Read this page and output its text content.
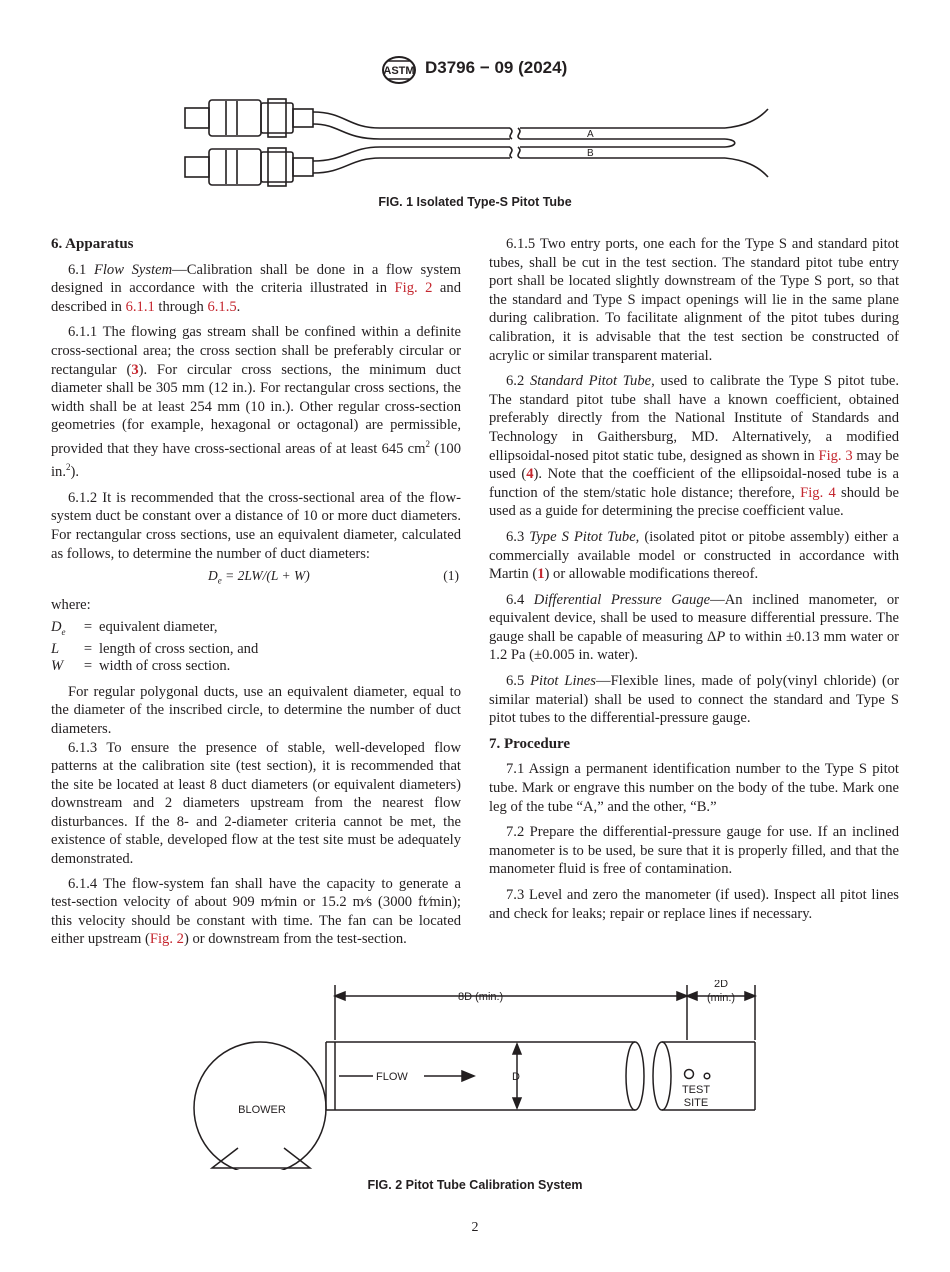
ASTM D3796 − 09 (2024)
A
B
FIG. 1 Isolated Type-S Pitot Tube
6. Apparatus

6.1 Flow System—Calibration shall be done in a flow system designed in accordance with the criteria illustrated in Fig. 2 and described in 6.1.1 through 6.1.5.

6.1.1 The flowing gas stream shall be confined within a definite cross-sectional area; the cross section shall be preferably circular or rectangular (3). For circular cross sections, the minimum duct diameter shall be 305 mm (12 in.). For rectangular cross sections, the width shall be at least 254 mm (10 in.). Other regular cross-section geometries (for example, hexagonal or octagonal) are permissible, provided that they have cross-sectional areas of at least 645 $cm^2$ (100 in.$^2$).

6.1.2 It is recommended that the cross-sectional area of the flow-system duct be constant over a distance of 10 or more duct diameters. For rectangular cross sections, use an equivalent diameter, calculated as follows, to determine the number of duct diameters:

$D_e = 2LW/(L + W)$	(1)
where:
$D_e$	=	equivalent diameter,
L	=	length of cross section, and
W	=	width of cross section.

For regular polygonal ducts, use an equivalent diameter, equal to the diameter of the inscribed circle, to determine the number of duct diameters.

6.1.3 To ensure the presence of stable, well-developed flow patterns at the calibration site (test section), it is recommended that the site be located at least 8 duct diameters (or equivalent diameters) downstream and 2 diameters upstream from the nearest flow disturbances. If the 8- and 2-diameter criteria cannot be met, the existence of stable, developed flow at the test site must be adequately demonstrated.

6.1.4 The flow-system fan shall have the capacity to generate a test-section velocity of about 909 m⁄min or 15.2 m⁄s (3000 ft⁄min); this velocity should be constant with time. The fan can be located either upstream (Fig. 2) or downstream from the test-section.

6.1.5 Two entry ports, one each for the Type S and standard pitot tubes, shall be cut in the test section. The standard pitot tube entry port shall be located slightly downstream of the Type S port, so that the standard and Type S impact openings will lie in the same plane during calibration. To facilitate alignment of the pitot tubes during calibration, it is advisable that the test section be constructed of acrylic or similar transparent material.

6.2 Standard Pitot Tube, used to calibrate the Type S pitot tube. The standard pitot tube shall have a known coefficient, obtained preferably directly from the National Institute of Standards and Technology in Gaithersburg, MD. Alternatively, a modified ellipsoidal-nosed pitot static tube, designed as shown in Fig. 3 may be used (4). Note that the coefficient of the ellipsoidal-nosed tube is a function of the stem/static hole distance; therefore, Fig. 4 should be used as a guide for determining the precise coefficient value.

6.3 Type S Pitot Tube, (isolated pitot or pitobe assembly) either a commercially available model or constructed in accordance with Martin (1) or allowable modifications thereof.

6.4 Differential Pressure Gauge—An inclined manometer, or equivalent device, shall be used to measure differential pressure. The gauge shall be capable of measuring ΔP to within ±0.13 mm water or 1.2 Pa (±0.005 in. water).

6.5 Pitot Lines—Flexible lines, made of poly(vinyl chloride) (or similar material) shall be used to connect the standard and Type S pitot tubes to the differential-pressure gauge.

7. Procedure

7.1 Assign a permanent identification number to the Type S pitot tube. Mark or engrave this number on the body of the tube. Mark one leg of the tube “A,” and the other, “B.”

7.2 Prepare the differential-pressure gauge for use. If an inclined manometer is to be used, be sure that it is properly filled, and that the manometer fluid is free of contamination.

7.3 Level and zero the manometer (if used). Inspect all pitot lines and check for leaks; repair or replace lines if necessary.

8D (min.)
2D
(min.)
FLOW	D
TEST
SITE
BLOWER
FIG. 2 Pitot Tube Calibration System
2
